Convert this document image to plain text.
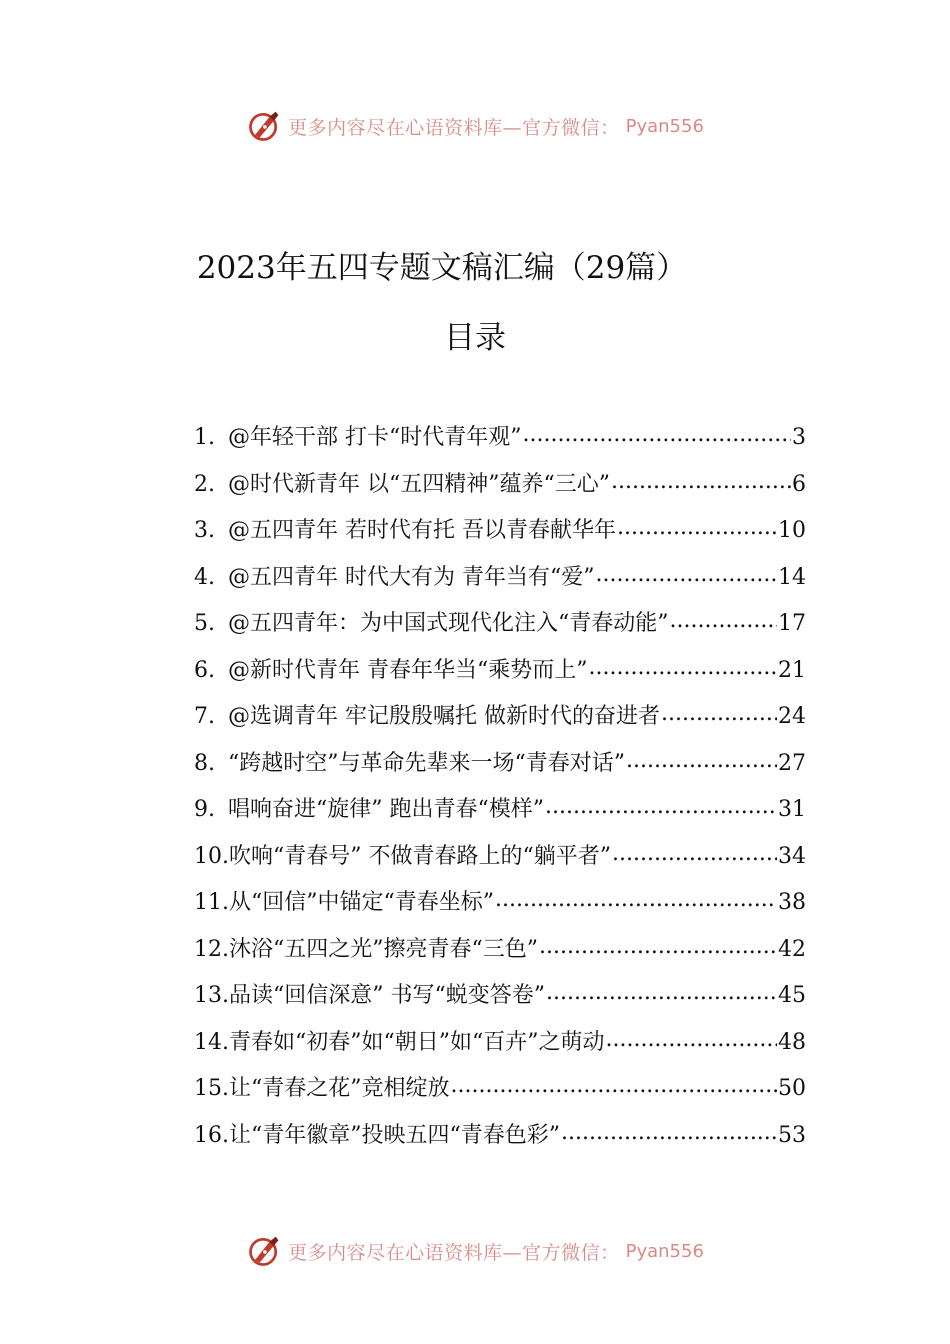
更多内容尽在心语资料库—官方微信： Pyan556
2023年五四专题文稿汇编（29篇）
目录
1. @年轻干部 打卡“时代青年观” .....	3
2. @时代新青年 以“五四精神”蕴养“三心” .....	6
3. @五四青年 若时代有托 吾以青春献华年 .....	10
4. @五四青年 时代大有为 青年当有“爱” .....	14
5. @五四青年：为中国式现代化注入“青春动能” .....	17
6. @新时代青年 青春年华当“乘势而上” .....	21
7. @选调青年 牢记殷殷嘱托 做新时代的奋进者 .....	24
8. “跨越时空”与革命先辈来一场“青春对话” .....	27
9. 唱响奋进“旋律” 跑出青春“模样” .....	31
10. 吹响“青春号” 不做青春路上的“躺平者” .....	34
11. 从“回信”中锚定“青春坐标” .....	38
12. 沐浴“五四之光”擦亮青春“三色” .....	42
13. 品读“回信深意” 书写“蜕变答卷” .....	45
14. 青春如“初春”如“朝日”如“百卉”之萌动 .....	48
15. 让“青春之花”竞相绽放 .....	50
16. 让“青年徽章”投映五四“青春色彩” .....	53
更多内容尽在心语资料库—官方微信： Pyan556
